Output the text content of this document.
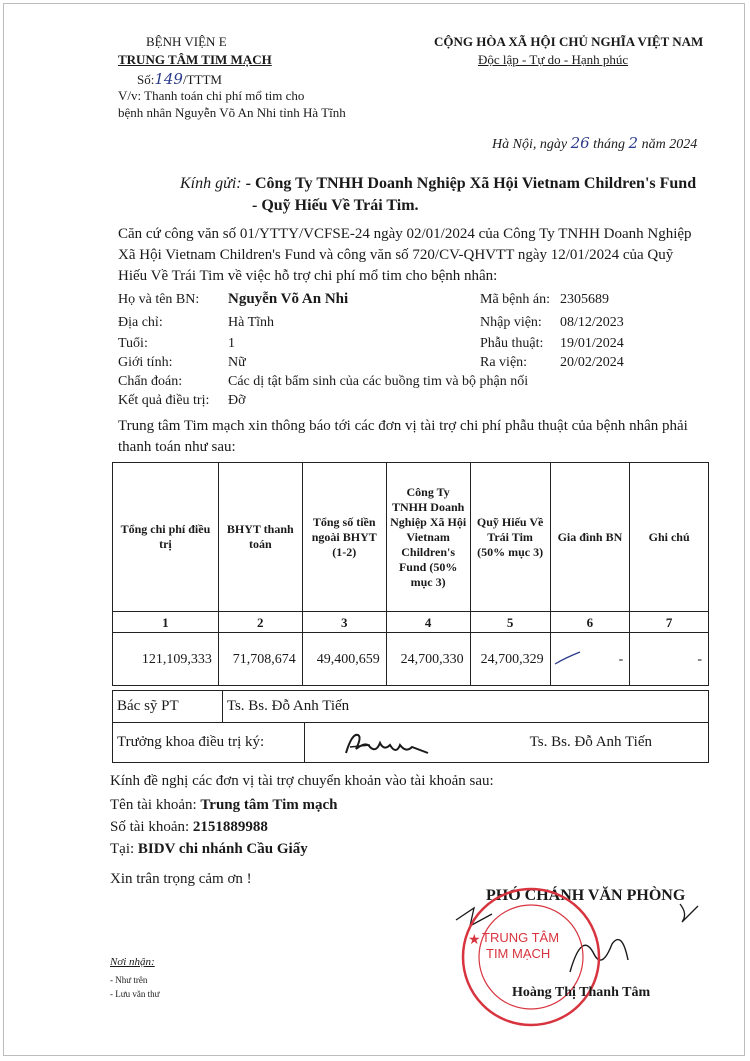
BỆNH VIỆN E
TRUNG TÂM TIM MẠCH
Số:149/TTTM
V/v: Thanh toán chi phí mổ tim cho
bệnh nhân Nguyễn Võ An Nhi tỉnh Hà Tĩnh
CỘNG HÒA XÃ HỘI CHỦ NGHĨA VIỆT NAM
Độc lập - Tự do - Hạnh phúc
Hà Nội, ngày 26 tháng 2 năm 2024
Kính gửi: - Công Ty TNHH Doanh Nghiệp Xã Hội Vietnam Children's Fund
- Quỹ Hiếu Về Trái Tim.
Căn cứ công văn số 01/YTTY/VCFSE-24 ngày 02/01/2024 của Công Ty TNHH Doanh Nghiệp
Xã Hội Vietnam Children's Fund và công văn số 720/CV-QHVTT ngày 12/01/2024 của Quỹ
Hiếu Về Trái Tim về việc hỗ trợ chi phí mổ tim cho bệnh nhân:
Họ và tên BN: Nguyễn Võ An Nhi
Địa chỉ:	Hà Tĩnh
Tuổi:	1
Giới tính:	Nữ
Chẩn đoán:	Các dị tật bẩm sinh của các buồng tim và bộ phận nối
Kết quả điều trị: Đỡ
Mã bệnh án: 2305689
Nhập viện: 08/12/2023
Phẫu thuật: 19/01/2024
Ra viện: 20/02/2024
Trung tâm Tim mạch xin thông báo tới các đơn vị tài trợ chi phí phẫu thuật của bệnh nhân phải
thanh toán như sau:
Tổng chi phí điều trị	BHYT thanh toán	Tổng số tiền ngoài BHYT (1-2)	Công Ty TNHH Doanh Nghiệp Xã Hội Vietnam Children's Fund (50% mục 3)	Quỹ Hiếu Về Trái Tim (50% mục 3)	Gia đình BN	Ghi chú
1	2	3	4	5	6	7
121,109,333	71,708,674	49,400,659	24,700,330	24,700,329	-	-
Bác sỹ PT	Ts. Bs. Đỗ Anh Tiến	
Trưởng khoa điều trị ký:		Ts. Bs. Đỗ Anh Tiến
Kính đề nghị các đơn vị tài trợ chuyển khoản vào tài khoản sau:
Tên tài khoản: Trung tâm Tim mạch
Số tài khoản: 2151889988
Tại: BIDV chi nhánh Cầu Giấy
Xin trân trọng cảm ơn !
PHÓ CHÁNH VĂN PHÒNG
★ TRUNG TÂM
TIM MẠCH
Hoàng Thị Thanh Tâm
Nơi nhận:
- Như trên
- Lưu văn thư
